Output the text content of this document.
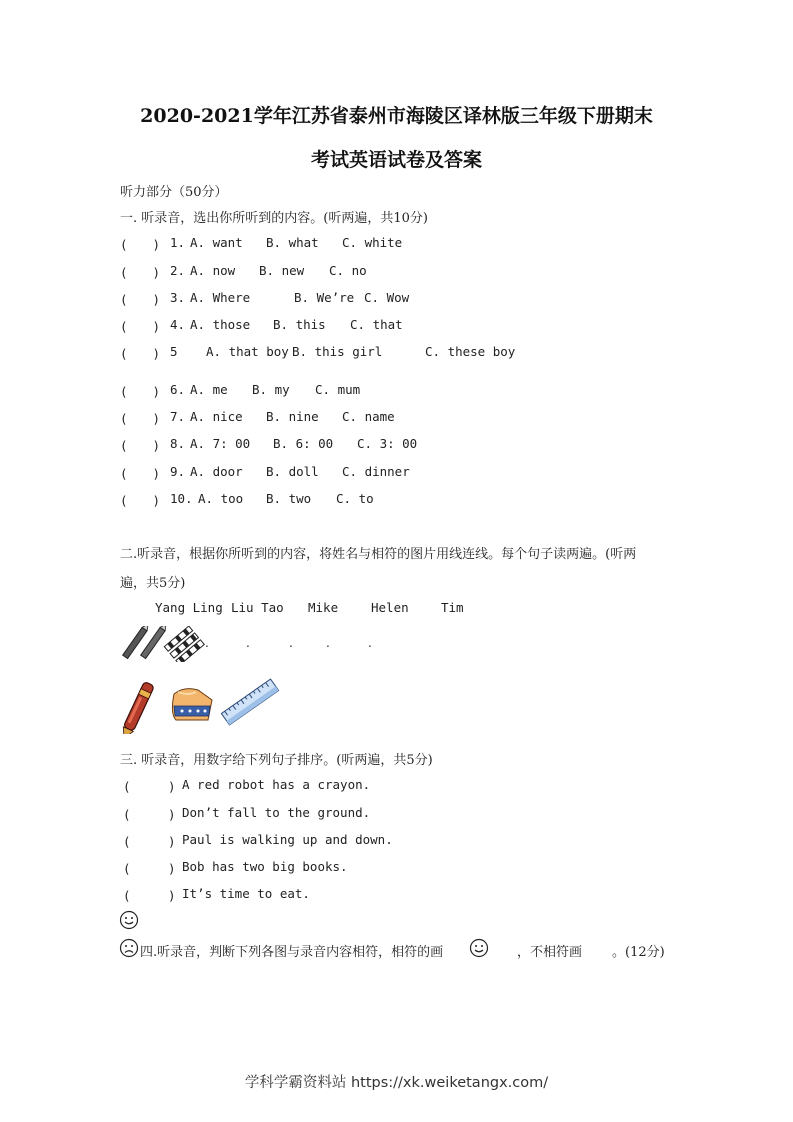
2020-2021学年江苏省泰州市海陵区译林版三年级下册期末
考试英语试卷及答案
听力部分（50分）
一. 听录音，选出你所听到的内容。(听两遍，共10分)
(　　) 1. A. want B. what C. white
(　　) 2. A. now B. new C. no
(　　) 3. A. Where	B. We’re C. Wow
(　　) 4. A. those B. this C. that
(　　) 5 A. that boy B. this girl	C. these boy
(　　) 6. A. me B. my C. mum
(　　) 7. A. nice B. nine C. name
(　　) 8. A. 7: 00 B. 6: 00 C. 3: 00
(　　) 9. A. door B. doll C. dinner
(　　) 10. A. too B. two C. to
二.听录音，根据你所听到的内容，将姓名与相符的图片用线连线。每个句子读两遍。(听两
遍，共5分)
Yang Ling Liu Tao Mike	Helen	Tim
.	.	.	.	.
三. 听录音，用数字给下列句子排序。(听两遍，共5分)
(　　　) A red robot has a crayon.
(　　　) Don’t fall to the ground.
(　　　) Paul is walking up and down.
(　　　) Bob has two big books.
(　　　) It’s time to eat.
四.听录音，判断下列各图与录音内容相符，相符的画	，不相符画 。(12分)
学科学霸资料站 https://xk.weiketangx.com/
